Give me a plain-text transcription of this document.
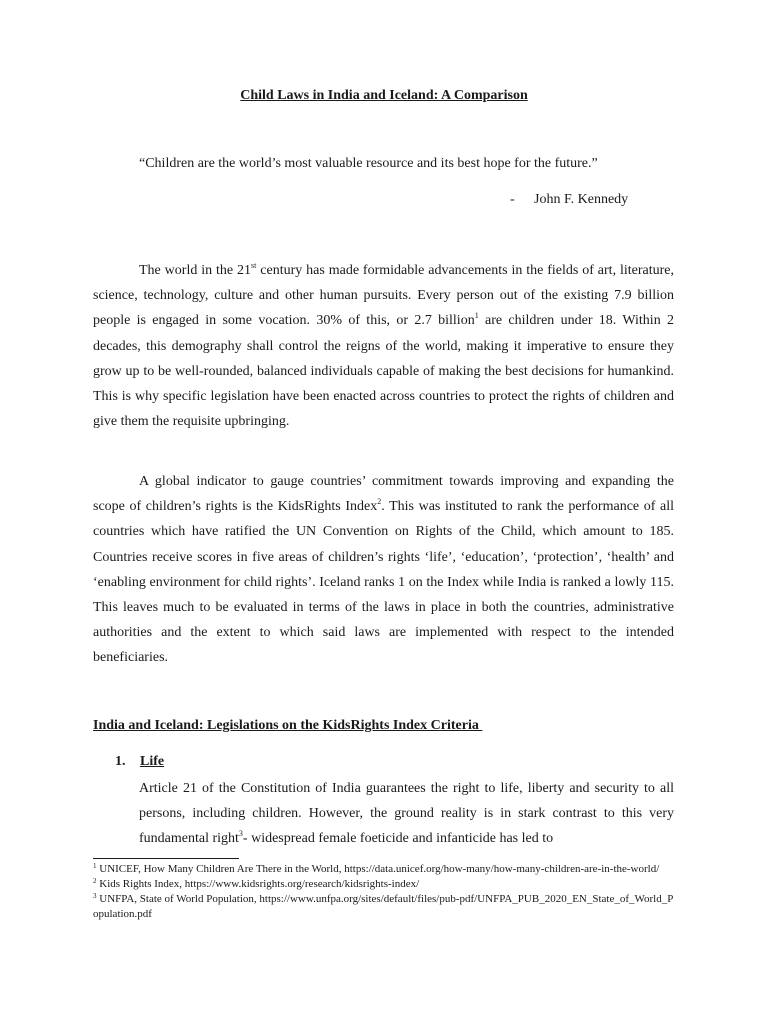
Child Laws in India and Iceland: A Comparison
“Children are the world’s most valuable resource and its best hope for the future.”
- John F. Kennedy
The world in the 21st century has made formidable advancements in the fields of art, literature, science, technology, culture and other human pursuits. Every person out of the existing 7.9 billion people is engaged in some vocation. 30% of this, or 2.7 billion$^1$ are children under 18. Within 2 decades, this demography shall control the reigns of the world, making it imperative to ensure they grow up to be well-rounded, balanced individuals capable of making the best decisions for humankind. This is why specific legislation have been enacted across countries to protect the rights of children and give them the requisite upbringing.
A global indicator to gauge countries’ commitment towards improving and expanding the scope of children’s rights is the KidsRights Index$^2$. This was instituted to rank the performance of all countries which have ratified the UN Convention on Rights of the Child, which amount to 185. Countries receive scores in five areas of children’s rights ‘life’, ‘education’, ‘protection’, ‘health’ and ‘enabling environment for child rights’. Iceland ranks 1 on the Index while India is ranked a lowly 115. This leaves much to be evaluated in terms of the laws in place in both the countries, administrative authorities and the extent to which said laws are implemented with respect to the intended beneficiaries.
India and Iceland: Legislations on the KidsRights Index Criteria
1. Life
Article 21 of the Constitution of India guarantees the right to life, liberty and security to all persons, including children. However, the ground reality is in stark contrast to this very fundamental right$^3$- widespread female foeticide and infanticide has led to

$^1$ UNICEF, How Many Children Are There in the World, https://data.unicef.org/how-many/how-many-children-are-in-the-world/

$^2$ Kids Rights Index, https://www.kidsrights.org/research/kidsrights-index/

$^3$ UNFPA, State of World Population, https://www.unfpa.org/sites/default/files/pub-pdf/UNFPA_PUB_2020_EN_State_of_World_Population.pdf
